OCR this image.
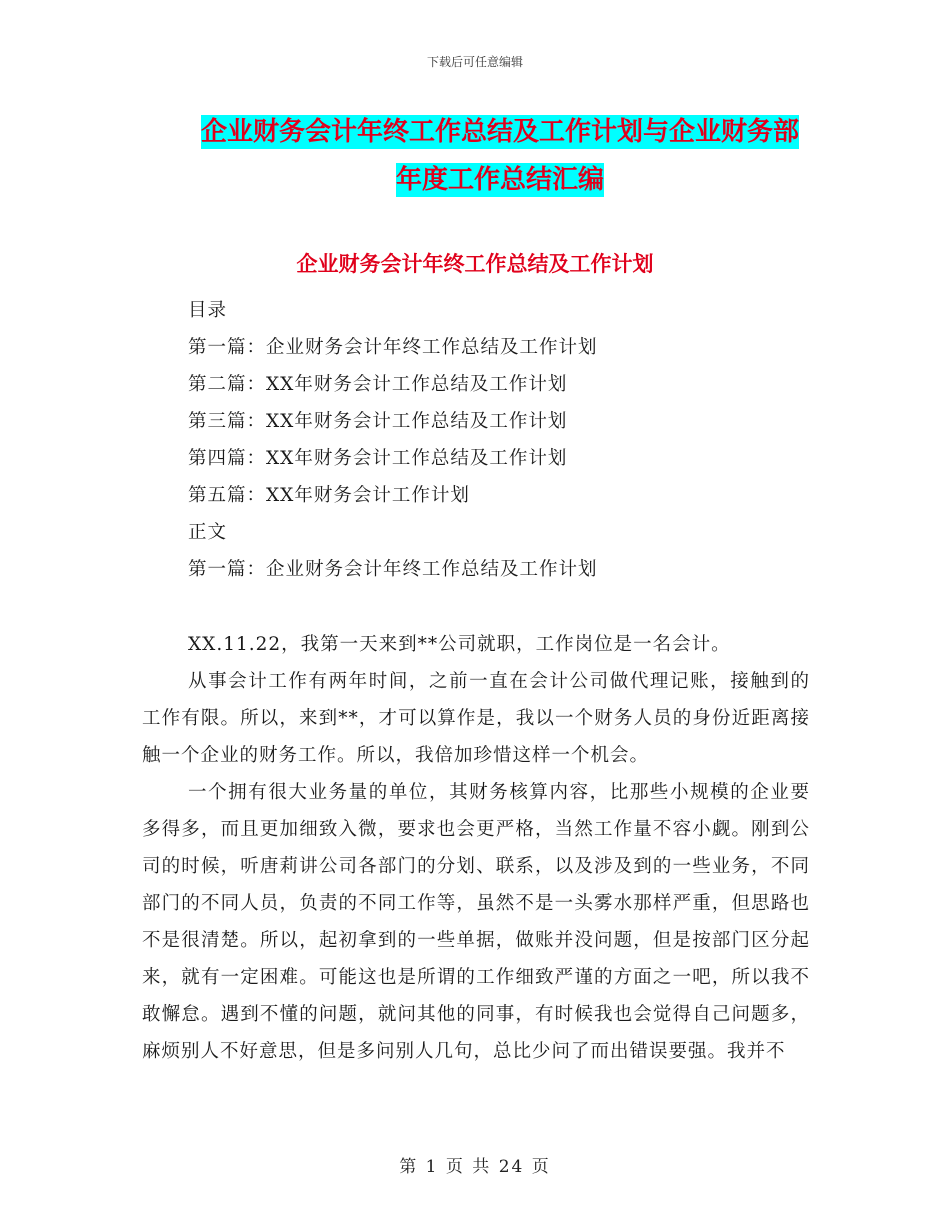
下载后可任意编辑
企业财务会计年终工作总结及工作计划与企业财务部
年度工作总结汇编
企业财务会计年终工作总结及工作计划
目录
第一篇：企业财务会计年终工作总结及工作计划
第二篇：XX年财务会计工作总结及工作计划
第三篇：XX年财务会计工作总结及工作计划
第四篇：XX年财务会计工作总结及工作计划
第五篇：XX年财务会计工作计划
正文
第一篇：企业财务会计年终工作总结及工作计划

XX.11.22，我第一天来到**公司就职，工作岗位是一名会计。

从事会计工作有两年时间，之前一直在会计公司做代理记账，接触到的工作有限。所以，来到**，才可以算作是，我以一个财务人员的身份近距离接触一个企业的财务工作。所以，我倍加珍惜这样一个机会。

一个拥有很大业务量的单位，其财务核算内容，比那些小规模的企业要多得多，而且更加细致入微，要求也会更严格，当然工作量不容小觑。刚到公司的时候，听唐莉讲公司各部门的分划、联系，以及涉及到的一些业务，不同部门的不同人员，负责的不同工作等，虽然不是一头雾水那样严重，但思路也不是很清楚。所以，起初拿到的一些单据，做账并没问题，但是按部门区分起来，就有一定困难。可能这也是所谓的工作细致严谨的方面之一吧，所以我不敢懈怠。遇到不懂的问题，就问其他的同事，有时候我也会觉得自己问题多，麻烦别人不好意思，但是多问别人几句，总比少问了而出错误要强。我并不

第 1 页 共 24 页
